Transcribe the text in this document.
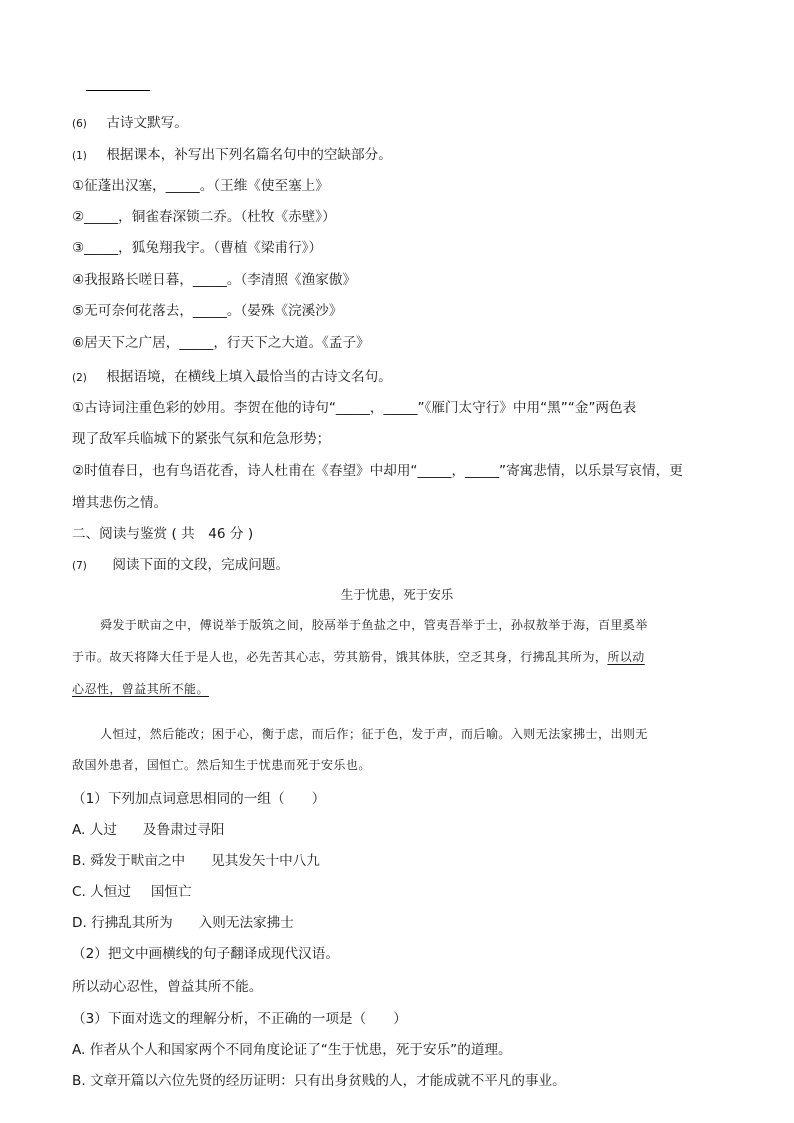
(6) 古诗文默写。
(1) 根据课本，补写出下列名篇名句中的空缺部分。
①征蓬出汉塞，_____。（王维《使至塞上》
②_____，铜雀春深锁二乔。（杜牧《赤壁》）
③_____，狐兔翔我宇。（曹植《梁甫行》）
④我报路长嗟日暮，_____。（李清照《渔家傲》
⑤无可奈何花落去，_____。（晏殊《浣溪沙》
⑥居天下之广居，_____，行天下之大道。《孟子》
(2) 根据语境，在横线上填入最恰当的古诗文名句。
①古诗词注重色彩的妙用。李贺在他的诗句“_____，_____”《雁门太守行》中用“黑”“金”两色表
现了敌军兵临城下的紧张气氛和危急形势；
②时值春日，也有鸟语花香，诗人杜甫在《春望》中却用“_____，_____”寄寓悲情，以乐景写哀情，更
增其悲伤之情。
二、阅读与鉴赏 ( 共　46 分 )
(7) 阅读下面的文段，完成问题。
生于忧患，死于安乐
舜发于畎亩之中，傅说举于版筑之间，胶鬲举于鱼盐之中，管夷吾举于士，孙叔敖举于海，百里奚举
于市。故天将降大任于是人也，必先苦其心志，劳其筋骨，饿其体肤，空乏其身，行拂乱其所为，所以动
心忍性，曾益其所不能。
人恒过，然后能改；困于心，衡于虑，而后作；征于色，发于声，而后喻。入则无法家拂士，出则无
敌国外患者，国恒亡。然后知生于忧患而死于安乐也。
（1）下列加点词意思相同的一组（　　）
A. 人过 及鲁肃过寻阳
B. 舜发于畎亩之中 见其发矢十中八九
C. 人恒过 国恒亡
D. 行拂乱其所为 入则无法家拂士
（2）把文中画横线的句子翻译成现代汉语。
所以动心忍性，曾益其所不能。
（3）下面对选文的理解分析，不正确的一项是（　　）
A. 作者从个人和国家两个不同角度论证了“生于忧患，死于安乐”的道理。
B. 文章开篇以六位先贤的经历证明：只有出身贫贱的人，才能成就不平凡的事业。
